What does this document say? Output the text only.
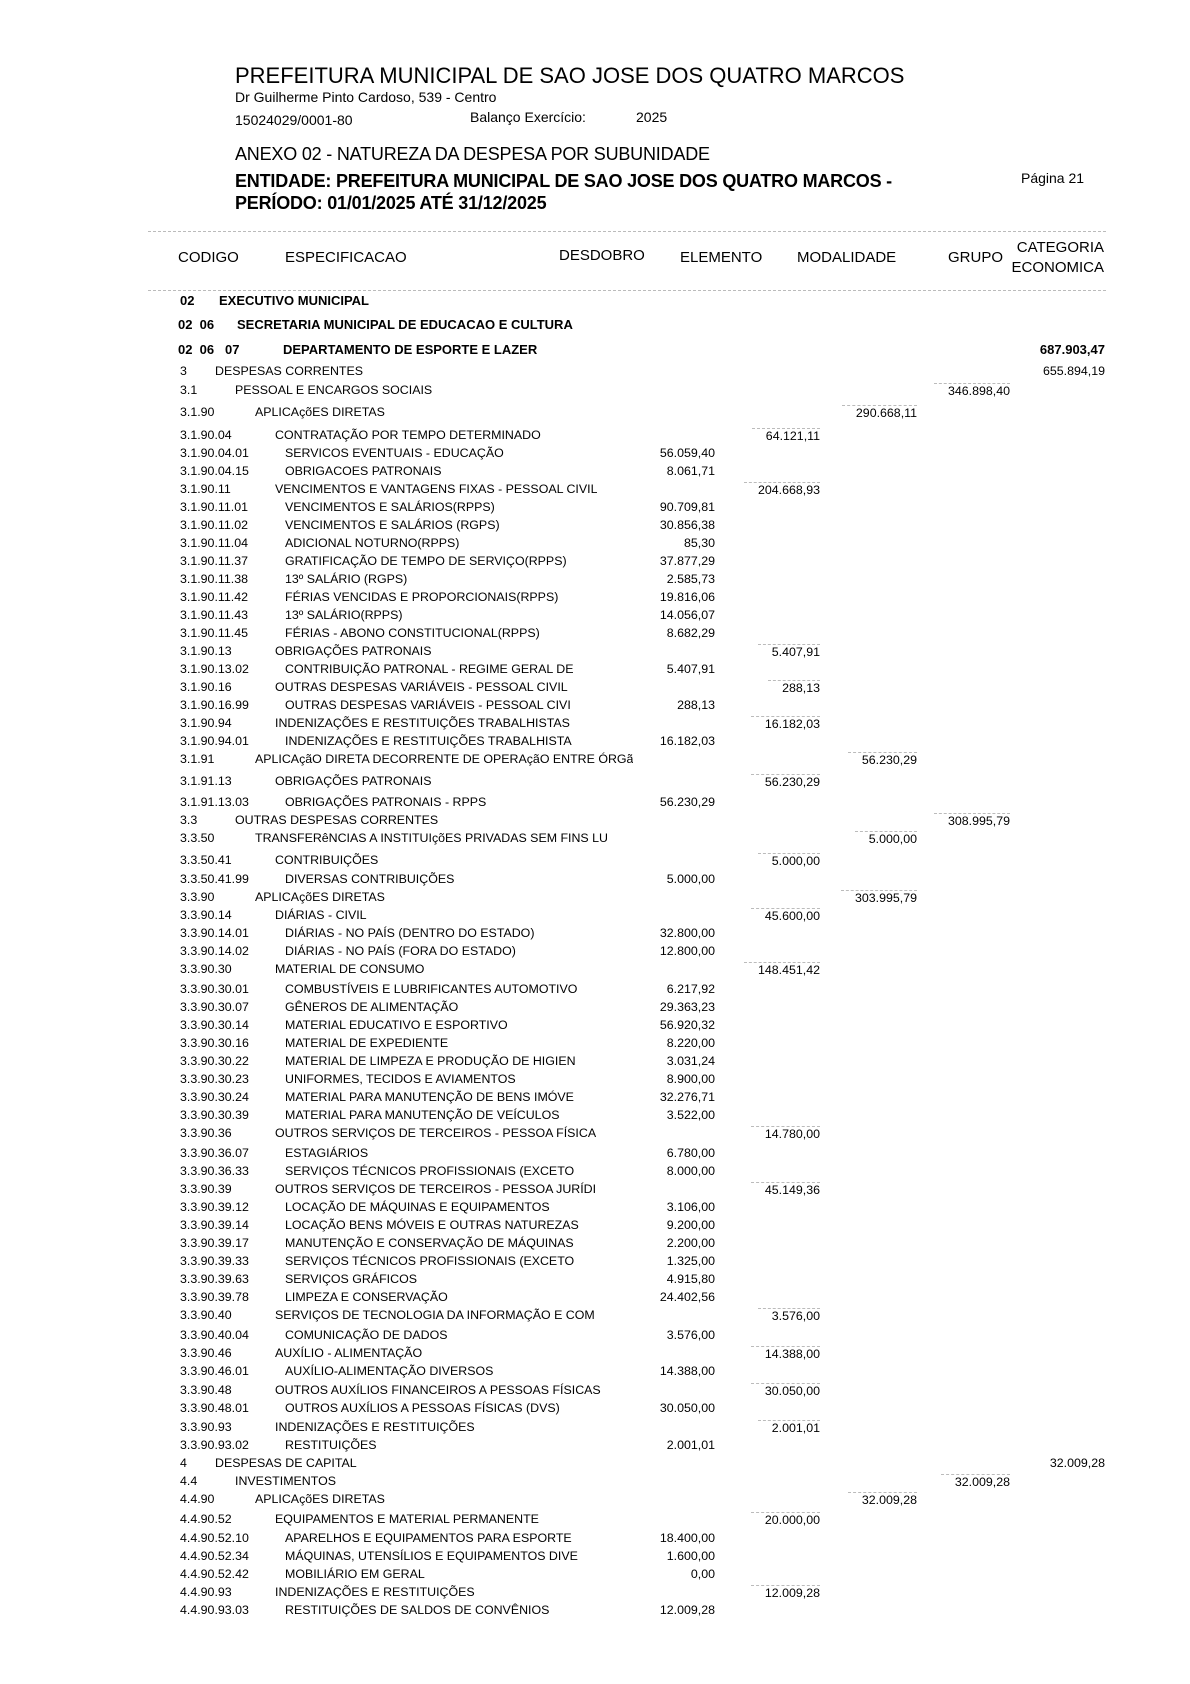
PREFEITURA MUNICIPAL DE SAO JOSE DOS QUATRO MARCOS
Dr Guilherme Pinto Cardoso, 539 - Centro
15024029/0001-80	Balanço Exercício:	2025
ANEXO 02 - NATUREZA DA DESPESA POR SUBUNIDADE
ENTIDADE: PREFEITURA MUNICIPAL DE SAO JOSE DOS QUATRO MARCOS -
PERÍODO: 01/01/2025 ATÉ 31/12/2025
Página 21
CODIGO	ESPECIFICACAO	DESDOBRO ELEMENTO MODALIDADE	GRUPO
CATEGORIA
ECONOMICA
02 EXECUTIVO MUNICIPAL
02  06 SECRETARIA MUNICIPAL DE EDUCACAO E CULTURA
02  06   07	DEPARTAMENTO DE ESPORTE E LAZER	687.903,47
3 DESPESAS CORRENTES	655.894,19
3.1	PESSOAL E ENCARGOS SOCIAIS	346.898,40
3.1.90	APLICAçõES DIRETAS	290.668,11
3.1.90.04	CONTRATAÇÃO POR TEMPO DETERMINADO	64.121,11
3.1.90.04.01	SERVICOS EVENTUAIS - EDUCAÇÃO	56.059,40
3.1.90.04.15	OBRIGACOES PATRONAIS	8.061,71
3.1.90.11	VENCIMENTOS E VANTAGENS FIXAS - PESSOAL CIVIL	204.668,93
3.1.90.11.01	VENCIMENTOS E SALÁRIOS(RPPS)	90.709,81
3.1.90.11.02	VENCIMENTOS E SALÁRIOS (RGPS)	30.856,38
3.1.90.11.04	ADICIONAL NOTURNO(RPPS)	85,30
3.1.90.11.37	GRATIFICAÇÃO DE TEMPO DE SERVIÇO(RPPS)	37.877,29
3.1.90.11.38	13º SALÁRIO (RGPS)	2.585,73
3.1.90.11.42	FÉRIAS VENCIDAS E PROPORCIONAIS(RPPS)	19.816,06
3.1.90.11.43	13º SALÁRIO(RPPS)	14.056,07
3.1.90.11.45	FÉRIAS - ABONO CONSTITUCIONAL(RPPS)	8.682,29
3.1.90.13	OBRIGAÇÕES PATRONAIS	5.407,91
3.1.90.13.02	CONTRIBUIÇÃO PATRONAL - REGIME GERAL DE	5.407,91
3.1.90.16	OUTRAS DESPESAS VARIÁVEIS - PESSOAL CIVIL	288,13
3.1.90.16.99	OUTRAS DESPESAS VARIÁVEIS - PESSOAL CIVI	288,13
3.1.90.94	INDENIZAÇÕES E RESTITUIÇÕES TRABALHISTAS	16.182,03
3.1.90.94.01	INDENIZAÇÕES E RESTITUIÇÕES TRABALHISTA	16.182,03
3.1.91	APLICAçãO DIRETA DECORRENTE DE OPERAçãO ENTRE ÓRGã	56.230,29
3.1.91.13	OBRIGAÇÕES PATRONAIS	56.230,29
3.1.91.13.03	OBRIGAÇÕES PATRONAIS - RPPS	56.230,29
3.3	OUTRAS DESPESAS CORRENTES	308.995,79
3.3.50	TRANSFERêNCIAS A INSTITUIçõES PRIVADAS SEM FINS LU	5.000,00
3.3.50.41	CONTRIBUIÇÕES	5.000,00
3.3.50.41.99	DIVERSAS CONTRIBUIÇÕES	5.000,00
3.3.90	APLICAçõES DIRETAS	303.995,79
3.3.90.14	DIÁRIAS - CIVIL	45.600,00
3.3.90.14.01	DIÁRIAS - NO PAÍS (DENTRO DO ESTADO)	32.800,00
3.3.90.14.02	DIÁRIAS - NO PAÍS (FORA DO ESTADO)	12.800,00
3.3.90.30	MATERIAL DE CONSUMO	148.451,42
3.3.90.30.01	COMBUSTÍVEIS E LUBRIFICANTES AUTOMOTIVO	6.217,92
3.3.90.30.07	GÊNEROS DE ALIMENTAÇÃO	29.363,23
3.3.90.30.14	MATERIAL EDUCATIVO E ESPORTIVO	56.920,32
3.3.90.30.16	MATERIAL DE EXPEDIENTE	8.220,00
3.3.90.30.22	MATERIAL DE LIMPEZA E PRODUÇÃO DE HIGIEN	3.031,24
3.3.90.30.23	UNIFORMES, TECIDOS E AVIAMENTOS	8.900,00
3.3.90.30.24	MATERIAL PARA MANUTENÇÃO DE BENS IMÓVE	32.276,71
3.3.90.30.39	MATERIAL PARA MANUTENÇÃO DE VEÍCULOS	3.522,00
3.3.90.36	OUTROS SERVIÇOS DE TERCEIROS - PESSOA FÍSICA	14.780,00
3.3.90.36.07	ESTAGIÁRIOS	6.780,00
3.3.90.36.33	SERVIÇOS TÉCNICOS PROFISSIONAIS (EXCETO	8.000,00
3.3.90.39	OUTROS SERVIÇOS DE TERCEIROS - PESSOA JURÍDI	45.149,36
3.3.90.39.12	LOCAÇÃO DE MÁQUINAS E EQUIPAMENTOS	3.106,00
3.3.90.39.14	LOCAÇÃO BENS MÓVEIS E OUTRAS NATUREZAS	9.200,00
3.3.90.39.17	MANUTENÇÃO E CONSERVAÇÃO DE MÁQUINAS	2.200,00
3.3.90.39.33	SERVIÇOS TÉCNICOS PROFISSIONAIS (EXCETO	1.325,00
3.3.90.39.63	SERVIÇOS GRÁFICOS	4.915,80
3.3.90.39.78	LIMPEZA E CONSERVAÇÃO	24.402,56
3.3.90.40	SERVIÇOS DE TECNOLOGIA DA INFORMAÇÃO E COM	3.576,00
3.3.90.40.04	COMUNICAÇÃO DE DADOS	3.576,00
3.3.90.46	AUXÍLIO - ALIMENTAÇÃO	14.388,00
3.3.90.46.01	AUXÍLIO-ALIMENTAÇÃO DIVERSOS	14.388,00
3.3.90.48	OUTROS AUXÍLIOS FINANCEIROS A PESSOAS FÍSICAS	30.050,00
3.3.90.48.01	OUTROS AUXÍLIOS A PESSOAS FÍSICAS (DVS)	30.050,00
3.3.90.93	INDENIZAÇÕES E RESTITUIÇÕES	2.001,01
3.3.90.93.02	RESTITUIÇÕES	2.001,01
4 DESPESAS DE CAPITAL	32.009,28
4.4	INVESTIMENTOS	32.009,28
4.4.90	APLICAçõES DIRETAS	32.009,28
4.4.90.52	EQUIPAMENTOS E MATERIAL PERMANENTE	20.000,00
4.4.90.52.10	APARELHOS E EQUIPAMENTOS PARA ESPORTE	18.400,00
4.4.90.52.34	MÁQUINAS, UTENSÍLIOS E EQUIPAMENTOS DIVE	1.600,00
4.4.90.52.42	MOBILIÁRIO EM GERAL	0,00
4.4.90.93	INDENIZAÇÕES E RESTITUIÇÕES	12.009,28
4.4.90.93.03	RESTITUIÇÕES DE SALDOS DE CONVÊNIOS	12.009,28
